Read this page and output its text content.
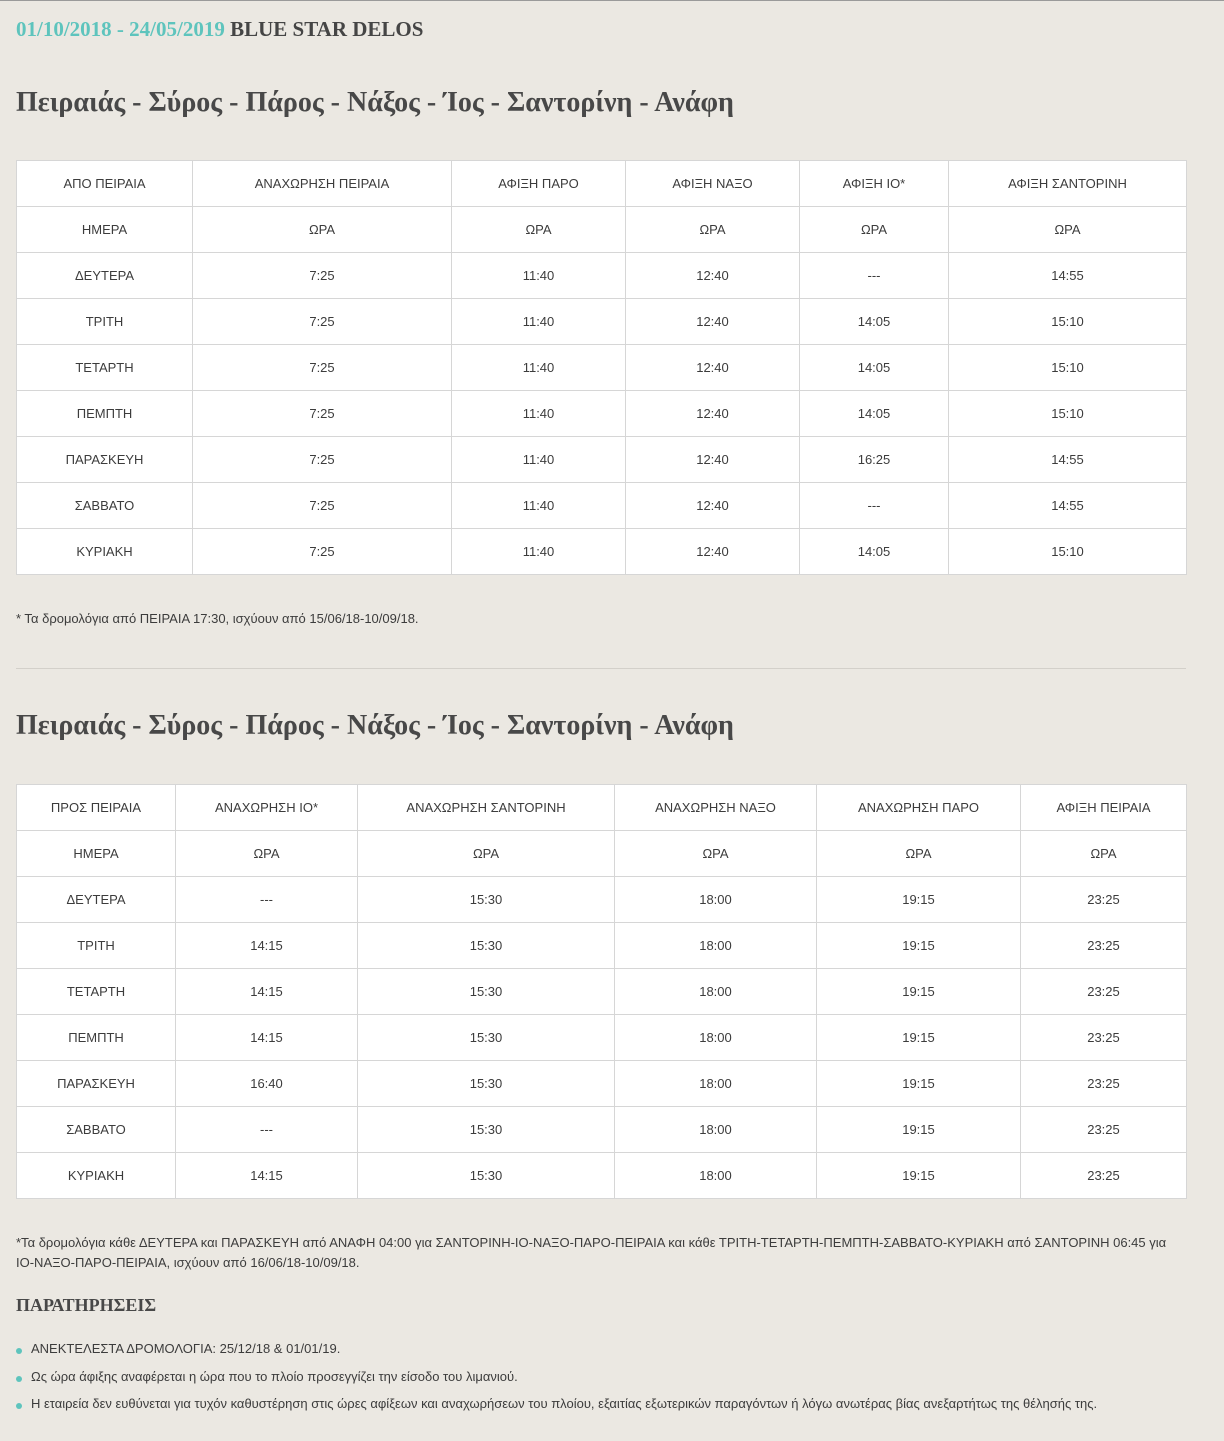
01/10/2018 - 24/05/2019 BLUE STAR DELOS
Πειραιάς - Σύρος - Πάρος - Νάξος - Ίος - Σαντορίνη - Ανάφη
ΑΠΟ ΠΕΙΡΑΙΑ	ΑΝΑΧΩΡΗΣΗ ΠΕΙΡΑΙΑ	ΑΦΙΞΗ ΠΑΡΟ	ΑΦΙΞΗ ΝΑΞΟ	ΑΦΙΞΗ ΙΟ*	ΑΦΙΞΗ ΣΑΝΤΟΡΙΝΗ
ΗΜΕΡΑ	ΩΡΑ	ΩΡΑ	ΩΡΑ	ΩΡΑ	ΩΡΑ
ΔΕΥΤΕΡΑ	7:25	11:40	12:40	---	14:55
ΤΡΙΤΗ	7:25	11:40	12:40	14:05	15:10
ΤΕΤΑΡΤΗ	7:25	11:40	12:40	14:05	15:10
ΠΕΜΠΤΗ	7:25	11:40	12:40	14:05	15:10
ΠΑΡΑΣΚΕΥΗ	7:25	11:40	12:40	16:25	14:55
ΣΑΒΒΑΤΟ	7:25	11:40	12:40	---	14:55
ΚΥΡΙΑΚΗ	7:25	11:40	12:40	14:05	15:10

* Τα δρομολόγια από ΠΕΙΡΑΙΑ 17:30, ισχύουν από 15/06/18-10/09/18.

Πειραιάς - Σύρος - Πάρος - Νάξος - Ίος - Σαντορίνη - Ανάφη
ΠΡΟΣ ΠΕΙΡΑΙΑ	ΑΝΑΧΩΡΗΣΗ ΙΟ*	ΑΝΑΧΩΡΗΣΗ ΣΑΝΤΟΡΙΝΗ	ΑΝΑΧΩΡΗΣΗ ΝΑΞΟ	ΑΝΑΧΩΡΗΣΗ ΠΑΡΟ	ΑΦΙΞΗ ΠΕΙΡΑΙΑ
ΗΜΕΡΑ	ΩΡΑ	ΩΡΑ	ΩΡΑ	ΩΡΑ	ΩΡΑ
ΔΕΥΤΕΡΑ	---	15:30	18:00	19:15	23:25
ΤΡΙΤΗ	14:15	15:30	18:00	19:15	23:25
ΤΕΤΑΡΤΗ	14:15	15:30	18:00	19:15	23:25
ΠΕΜΠΤΗ	14:15	15:30	18:00	19:15	23:25
ΠΑΡΑΣΚΕΥΗ	16:40	15:30	18:00	19:15	23:25
ΣΑΒΒΑΤΟ	---	15:30	18:00	19:15	23:25
ΚΥΡΙΑΚΗ	14:15	15:30	18:00	19:15	23:25

*Τα δρομολόγια κάθε ΔΕΥΤΕΡΑ και ΠΑΡΑΣΚΕΥΗ από ΑΝΑΦΗ 04:00 για ΣΑΝΤΟΡΙΝΗ-ΙΟ-ΝΑΞΟ-ΠΑΡΟ-ΠΕΙΡΑΙΑ και κάθε ΤΡΙΤΗ-ΤΕΤΑΡΤΗ-ΠΕΜΠΤΗ-ΣΑΒΒΑΤΟ-ΚΥΡΙΑΚΗ από ΣΑΝΤΟΡΙΝΗ 06:45 για ΙΟ-ΝΑΞΟ-ΠΑΡΟ-ΠΕΙΡΑΙΑ, ισχύουν από 16/06/18-10/09/18.

ΠΑΡΑΤΗΡΗΣΕΙΣ
ΑΝΕΚΤΕΛΕΣΤΑ ΔΡΟΜΟΛΟΓΙΑ: 25/12/18 & 01/01/19.
Ως ώρα άφιξης αναφέρεται η ώρα που το πλοίο προσεγγίζει την είσοδο του λιμανιού.
Η εταιρεία δεν ευθύνεται για τυχόν καθυστέρηση στις ώρες αφίξεων και αναχωρήσεων του πλοίου, εξαιτίας εξωτερικών παραγόντων ή λόγω ανωτέρας βίας ανεξαρτήτως της θέλησής της.
